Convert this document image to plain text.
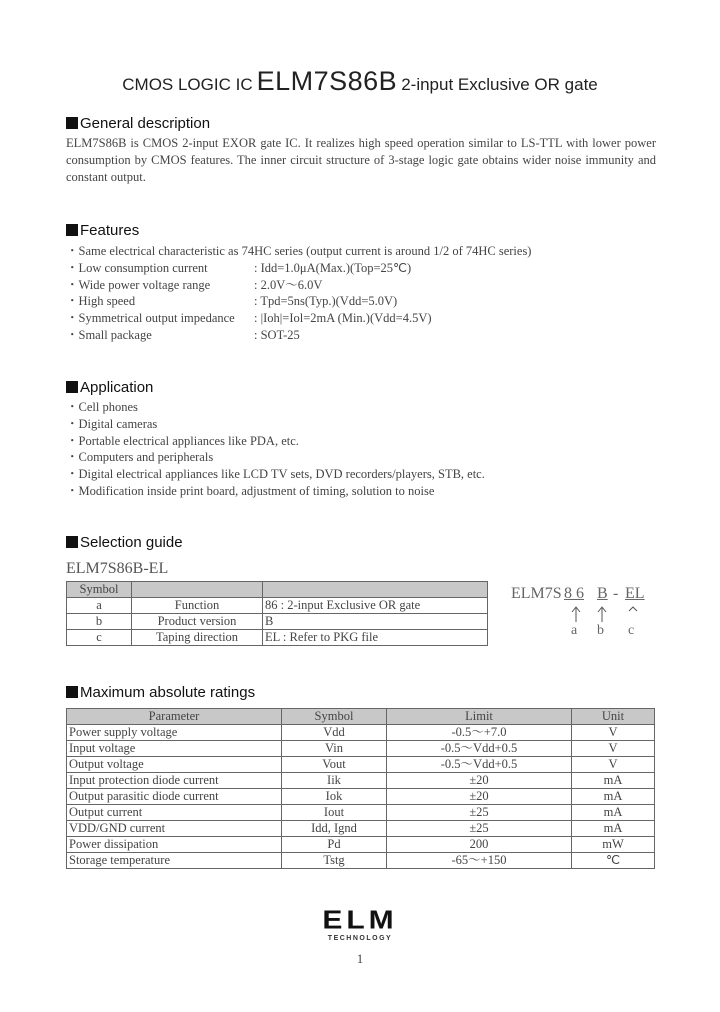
CMOS LOGIC IC ELM7S86B 2-input Exclusive OR gate
General description
ELM7S86B is CMOS 2-input EXOR gate IC. It realizes high speed operation similar to LS-TTL with lower power consumption by CMOS features. The inner circuit structure of 3-stage logic gate obtains wider noise immunity and constant output.
Features
・Same electrical characteristic as 74HC series (output current is around 1/2 of 74HC series)
・Low consumption current	: Idd=1.0μA(Max.)(Top=25℃)
・Wide power voltage range	: 2.0V～6.0V
・High speed	: Tpd=5ns(Typ.)(Vdd=5.0V)
・Symmetrical output impedance : |Ioh|=Iol=2mA (Min.)(Vdd=4.5V)
・Small package	: SOT-25
Application
・Cell phones
・Digital cameras
・Portable electrical appliances like PDA, etc.
・Computers and peripherals
・Digital electrical appliances like LCD TV sets, DVD recorders/players, STB, etc.
・Modification inside print board, adjustment of timing, solution to noise
Selection guide
ELM7S86B-EL
Symbol		
a	Function	86 : 2-input Exclusive OR gate
b	Product version	B
c	Taping direction	EL : Refer to PKG file
ELM7S 8 6 B - EL
a b c
Maximum absolute ratings
Parameter	Symbol	Limit	Unit
Power supply voltage	Vdd	-0.5～+7.0	V
Input voltage	Vin	-0.5～Vdd+0.5	V
Output voltage	Vout	-0.5～Vdd+0.5	V
Input protection diode current	Iik	±20	mA
Output parasitic diode current	Iok	±20	mA
Output current	Iout	±25	mA
VDD/GND current	Idd, Ignd	±25	mA
Power dissipation	Pd	200	mW
Storage temperature	Tstg	-65～+150	℃
ELM
TECHNOLOGY
1
